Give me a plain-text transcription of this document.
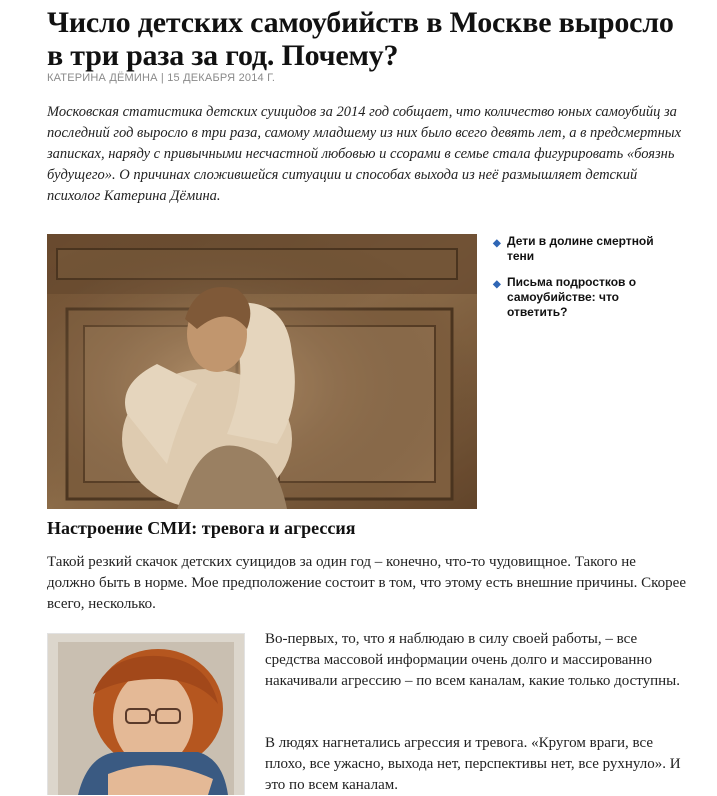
Число детских самоубийств в Москве выросло в три раза за год. Почему?
КАТЕРИНА ДЁМИНА | 15 ДЕКАБРЯ 2014 Г.
Московская статистика детских суицидов за 2014 год собщает, что количество юных самоубийц за последний год выросло в три раза, самому младшему из них было всего девять лет, а в предсмертных записках, наряду с привычными несчастной любовью и ссорами в семье стала фигурировать «боязнь будущего». О причинах сложившейся ситуации и способах выхода из неё размышляет детский психолог Катерина Дёмина.
◆ Дети в долине смертной тени
◆ Письма подростков о самоубийстве: что ответить?
Настроение СМИ: тревога и агрессия
Такой резкий скачок детских суицидов за один год – конечно, что-то чудовищное. Такого не должно быть в норме. Мое предположение состоит в том, что этому есть внешние причины. Скорее всего, несколько.
Во-первых, то, что я наблюдаю в силу своей работы, – все средства массовой информации очень долго и массированно накачивали агрессию – по всем каналам, какие только доступны.
В людях нагнетались агрессия и тревога. «Кругом враги, все плохо, все ужасно, выхода нет, перспективы нет, все рухнуло». И это по всем каналам.
